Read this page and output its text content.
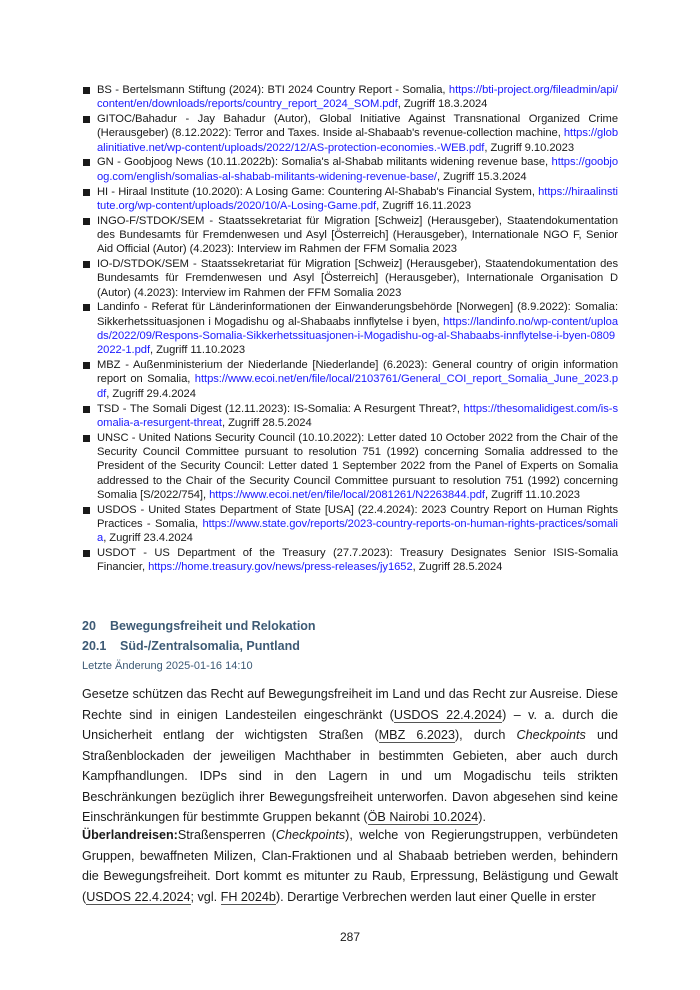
BS - Bertelsmann Stiftung (2024): BTI 2024 Country Report - Somalia, https://bti-project.org/fileadmin/api/content/en/downloads/reports/country_report_2024_SOM.pdf, Zugriff 18.3.2024
GITOC/Bahadur - Jay Bahadur (Autor), Global Initiative Against Transnational Organized Crime (Herausgeber) (8.12.2022): Terror and Taxes. Inside al-Shabaab's revenue-collection machine, https://globalinitiative.net/wp-content/uploads/2022/12/AS-protection-economies.-WEB.pdf, Zugriff 9.10.2023
GN - Goobjoog News (10.11.2022b): Somalia's al-Shabab militants widening revenue base, https://goobjoog.com/english/somalias-al-shabab-militants-widening-revenue-base/, Zugriff 15.3.2024
HI - Hiraal Institute (10.2020): A Losing Game: Countering Al-Shabab's Financial System, https://hiraalinstitute.org/wp-content/uploads/2020/10/A-Losing-Game.pdf, Zugriff 16.11.2023
INGO-F/STDOK/SEM - Staatssekretariat für Migration [Schweiz] (Herausgeber), Staatendokumentation des Bundesamts für Fremdenwesen und Asyl [Österreich] (Herausgeber), Internationale NGO F, Senior Aid Official (Autor) (4.2023): Interview im Rahmen der FFM Somalia 2023
IO-D/STDOK/SEM - Staatssekretariat für Migration [Schweiz] (Herausgeber), Staatendokumentation des Bundesamts für Fremdenwesen und Asyl [Österreich] (Herausgeber), Internationale Organisation D (Autor) (4.2023): Interview im Rahmen der FFM Somalia 2023
Landinfo - Referat für Länderinformationen der Einwanderungsbehörde [Norwegen] (8.9.2022): Somalia: Sikkerhetssituasjonen i Mogadishu og al-Shabaabs innflytelse i byen, https://landinfo.no/wp-content/uploads/2022/09/Respons-Somalia-Sikkerhetssituasjonen-i-Mogadishu-og-al-Shabaabs-innflytelse-i-byen-08092022-1.pdf, Zugriff 11.10.2023
MBZ - Außenministerium der Niederlande [Niederlande] (6.2023): General country of origin information report on Somalia, https://www.ecoi.net/en/file/local/2103761/General_COI_report_Somalia_June_2023.pdf, Zugriff 29.4.2024
TSD - The Somali Digest (12.11.2023): IS-Somalia: A Resurgent Threat?, https://thesomalidigest.com/is-somalia-a-resurgent-threat, Zugriff 28.5.2024
UNSC - United Nations Security Council (10.10.2022): Letter dated 10 October 2022 from the Chair of the Security Council Committee pursuant to resolution 751 (1992) concerning Somalia addressed to the President of the Security Council: Letter dated 1 September 2022 from the Panel of Experts on Somalia addressed to the Chair of the Security Council Committee pursuant to resolution 751 (1992) concerning Somalia [S/2022/754], https://www.ecoi.net/en/file/local/2081261/N2263844.pdf, Zugriff 11.10.2023
USDOS - United States Department of State [USA] (22.4.2024): 2023 Country Report on Human Rights Practices - Somalia, https://www.state.gov/reports/2023-country-reports-on-human-rights-practices/somalia, Zugriff 23.4.2024
USDOT - US Department of the Treasury (27.7.2023): Treasury Designates Senior ISIS-Somalia Financier, https://home.treasury.gov/news/press-releases/jy1652, Zugriff 28.5.2024
20 Bewegungsfreiheit und Relokation
20.1 Süd-/Zentralsomalia, Puntland
Letzte Änderung 2025-01-16 14:10

Gesetze schützen das Recht auf Bewegungsfreiheit im Land und das Recht zur Ausreise. Diese Rechte sind in einigen Landesteilen eingeschränkt (USDOS 22.4.2024) – v. a. durch die Unsicherheit entlang der wichtigsten Straßen (MBZ 6.2023), durch Checkpoints und Straßenblockaden der jeweiligen Machthaber in bestimmten Gebieten, aber auch durch Kampfhandlungen. IDPs sind in den Lagern in und um Mogadischu teils strikten Beschränkungen bezüglich ihrer Bewegungsfreiheit unterworfen. Davon abgesehen sind keine Einschränkungen für bestimmte Gruppen bekannt (ÖB Nairobi 10.2024).

Überlandreisen:Straßensperren (Checkpoints), welche von Regierungstruppen, verbündeten Gruppen, bewaffneten Milizen, Clan-Fraktionen und al Shabaab betrieben werden, behindern die Bewegungsfreiheit. Dort kommt es mitunter zu Raub, Erpressung, Belästigung und Gewalt (USDOS 22.4.2024; vgl. FH 2024b). Derartige Verbrechen werden laut einer Quelle in erster

287
